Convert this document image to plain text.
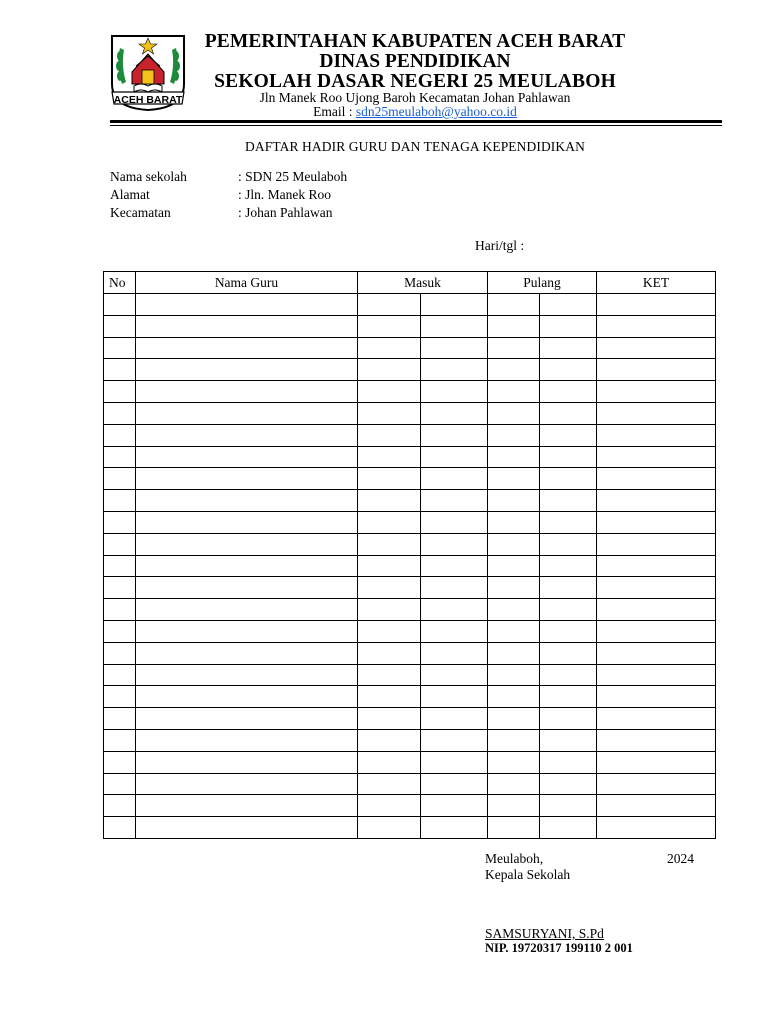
ACEH BARAT
PEMERINTAHAN KABUPATEN ACEH BARAT
DINAS PENDIDIKAN
SEKOLAH DASAR NEGERI 25 MEULABOH
Jln Manek Roo Ujong Baroh Kecamatan Johan Pahlawan
Email : sdn25meulaboh@yahoo.co.id
DAFTAR HADIR GURU DAN TENAGA KEPENDIDIKAN
Nama sekolah	: SDN 25 Meulaboh
Alamat	: Jln. Manek Roo
Kecamatan	: Johan Pahlawan
Hari/tgl :
No	Nama Guru	Masuk		Pulang		KET

Meulaboh,	2024
Kepala Sekolah
SAMSURYANI, S.Pd
NIP. 19720317 199110 2 001
